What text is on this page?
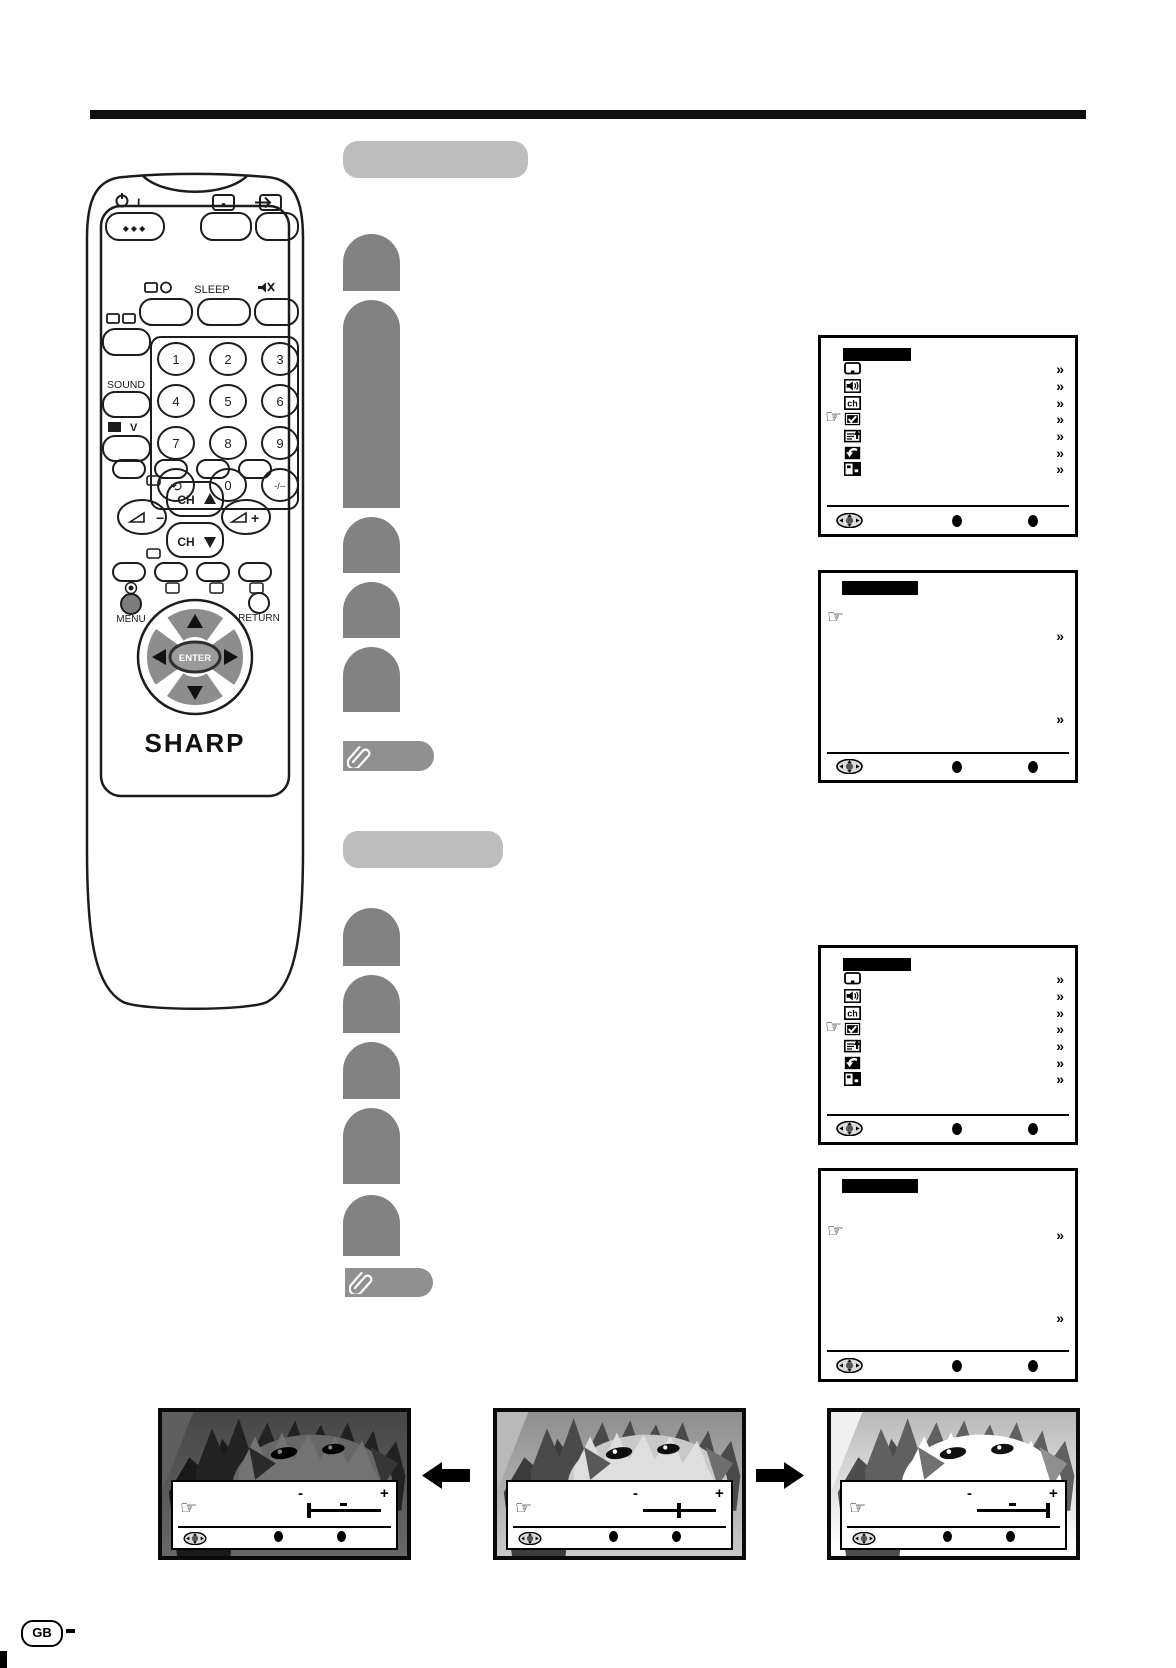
I
◆◆◆
SLEEP
1	2	3
4	5	6
7	8	9
⟲	0	-/--
SOUND
V
CH
−	+
CH
MENU	RETURN
ENTER
SHARP
☞
»
»
»
»
»
»
»
☞
»
»
☞
»
»
»
»
»
»
»
☞	»
»
☞
-	+
☞
-	+
☞
-	+
GB
